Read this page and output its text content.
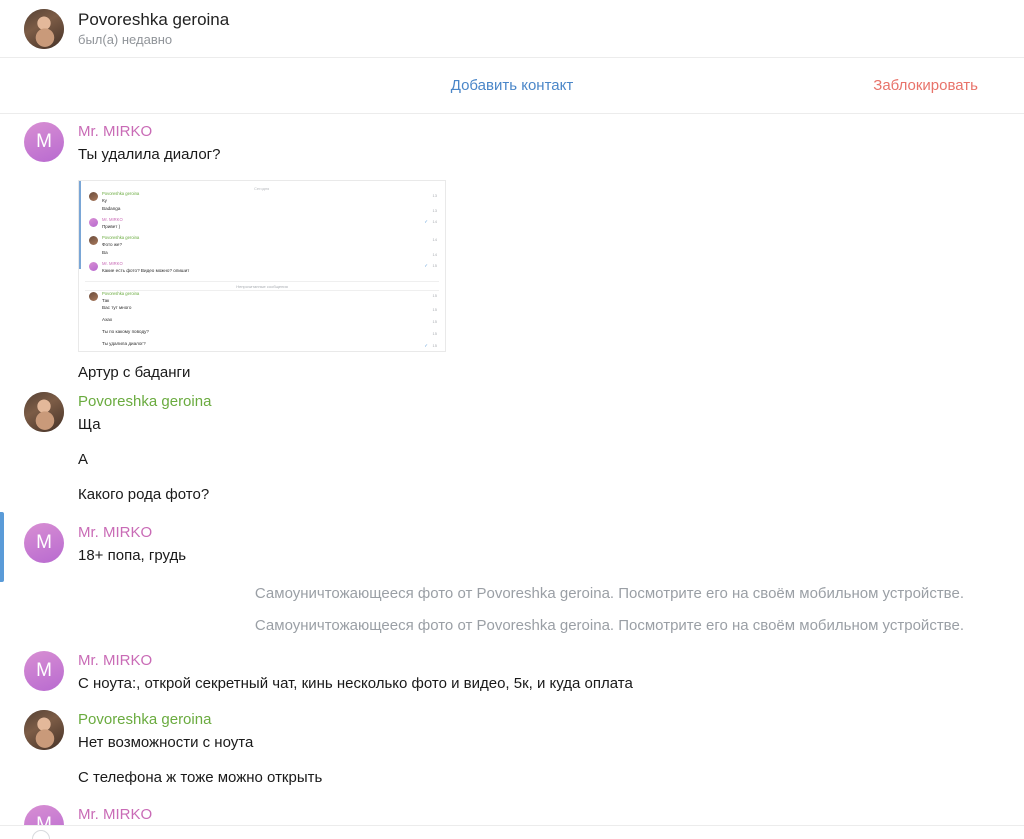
Povoreshka geroina
был(а) недавно
Добавить контакт	Заблокировать
M	Mr. MIRKO
Ты удалила диалог?
Сегодня
Povoreshka geroina
Ку
13
Badanga	13
Mr. MIRKO
Привет )
✓ 14
Povoreshka geroina
Фото же?
14
Ва	14
Mr. MIRKO
Какие есть фото? Видео можно? опишит
✓ 15
Непрочитанные сообщения
Povoreshka geroina
Так
15
Вас тут много	15
Ахах	15
Ты по какому поводу?	15
Ты удалила диалог?	✓ 15
Артур с баданги
Povoreshka geroina
Ща
А
Какого рода фото?
M	Mr. MIRKO
18+ попа, грудь
Самоуничтожающееся фото от Povoreshka geroina. Посмотрите его на своём мобильном устройстве.
Самоуничтожающееся фото от Povoreshka geroina. Посмотрите его на своём мобильном устройстве.
M	Mr. MIRKO
С ноута:, открой секретный чат, кинь несколько фото и видео, 5к, и куда оплата
Povoreshka geroina
Нет возможности с ноута
С телефона ж тоже можно открыть
Mr. MIRKO
